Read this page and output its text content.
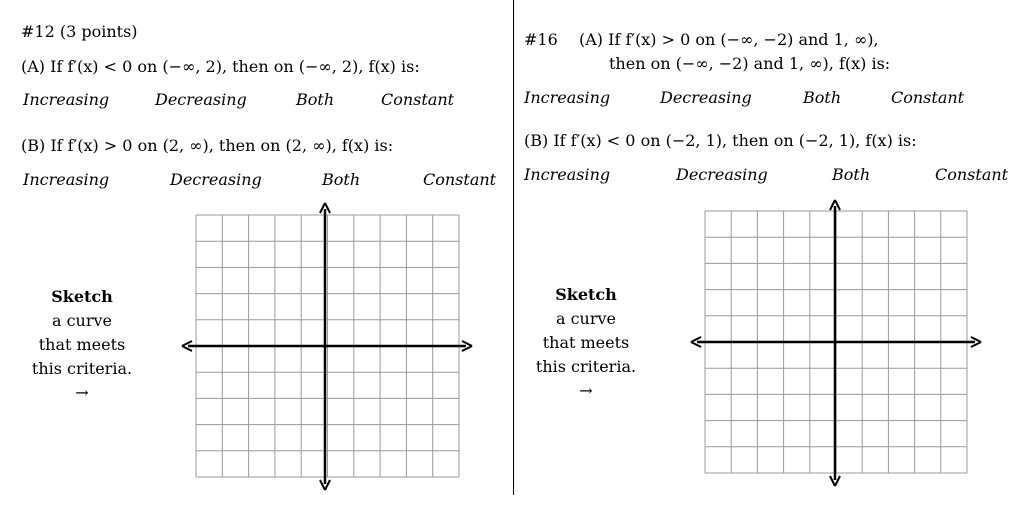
#12 (3 points)
(A) If f′(x) < 0 on (−∞, 2), then on (−∞, 2), f(x) is:
Increasing	Decreasing	Both	Constant
(B) If f′(x) > 0 on (2, ∞), then on (2, ∞), f(x) is:
Increasing	Decreasing	Both	Constant
Sketch
a curve
that meets
this criteria.
→
#16 (A) If f′(x) > 0 on (−∞, −2) and 1, ∞),
then on (−∞, −2) and 1, ∞), f(x) is:
Increasing	Decreasing	Both	Constant
(B) If f′(x) < 0 on (−2, 1), then on (−2, 1), f(x) is:
Increasing	Decreasing	Both	Constant
Sketch
a curve
that meets
this criteria.
→
